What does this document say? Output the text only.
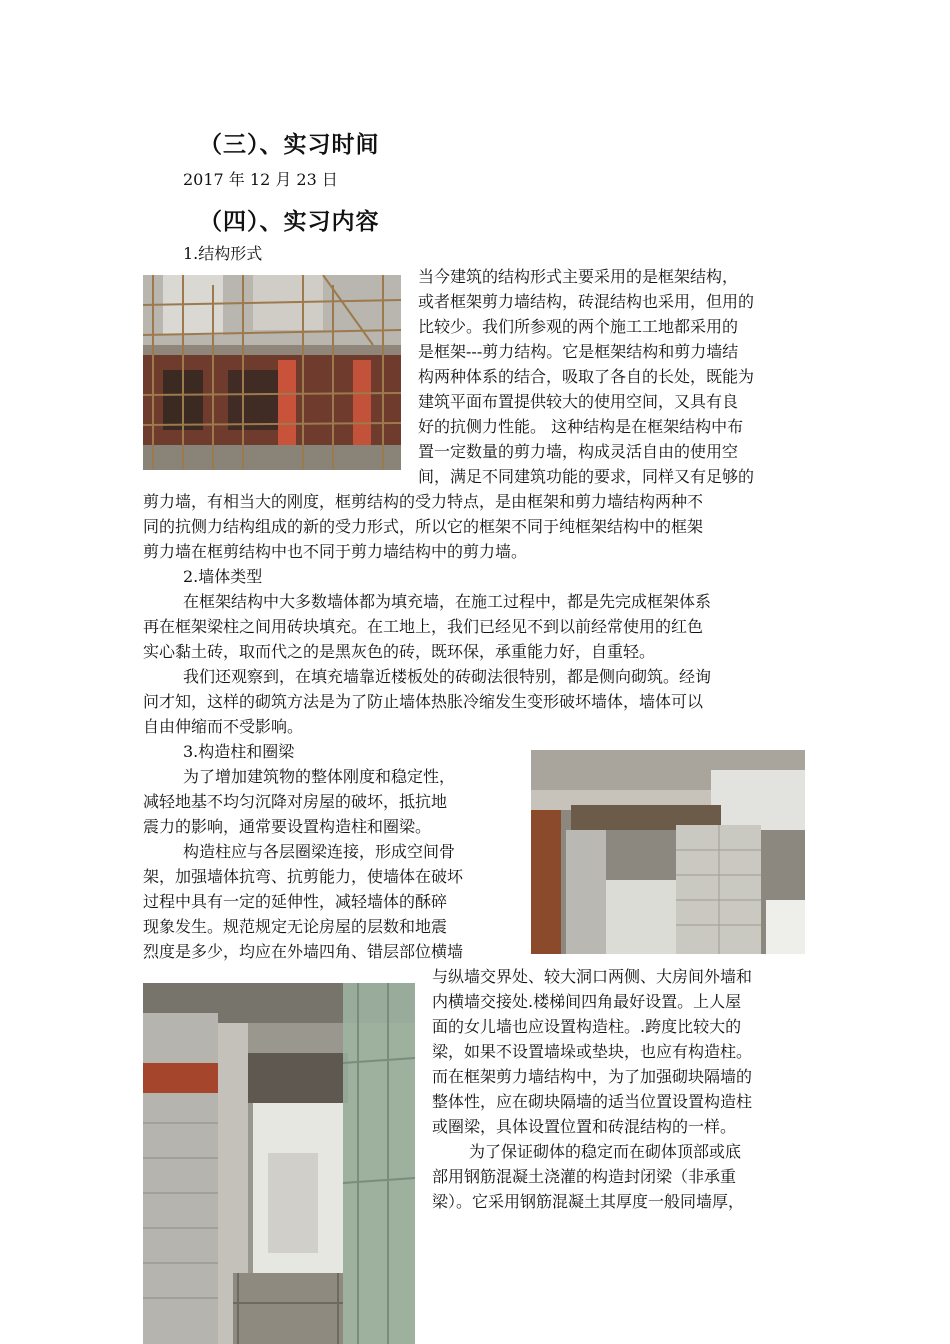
（三）、实习时间
2017 年 12 月 23 日
（四）、实习内容
1.结构形式

当今建筑的结构形式主要采用的是框架结构，

或者框架剪力墙结构，砖混结构也采用，但用的

比较少。我们所参观的两个施工工地都采用的

是框架---剪力结构。它是框架结构和剪力墙结

构两种体系的结合，吸取了各自的长处，既能为

建筑平面布置提供较大的使用空间，又具有良

好的抗侧力性能。 这种结构是在框架结构中布

置一定数量的剪力墙，构成灵活自由的使用空

间，满足不同建筑功能的要求，同样又有足够的

剪力墙，有相当大的刚度，框剪结构的受力特点，是由框架和剪力墙结构两种不

同的抗侧力结构组成的新的受力形式，所以它的框架不同于纯框架结构中的框架

剪力墙在框剪结构中也不同于剪力墙结构中的剪力墙。

2.墙体类型

在框架结构中大多数墙体都为填充墙，在施工过程中，都是先完成框架体系

再在框架梁柱之间用砖块填充。在工地上，我们已经见不到以前经常使用的红色

实心黏土砖，取而代之的是黑灰色的砖，既环保，承重能力好，自重轻。

我们还观察到，在填充墙靠近楼板处的砖砌法很特别，都是侧向砌筑。经询

问才知，这样的砌筑方法是为了防止墙体热胀冷缩发生变形破坏墙体，墙体可以

自由伸缩而不受影响。

3.构造柱和圈梁

为了增加建筑物的整体刚度和稳定性，

减轻地基不均匀沉降对房屋的破坏，抵抗地

震力的影响，通常要设置构造柱和圈梁。

构造柱应与各层圈梁连接，形成空间骨

架，加强墙体抗弯、抗剪能力，使墙体在破坏

过程中具有一定的延伸性，减轻墙体的酥碎

现象发生。规范规定无论房屋的层数和地震

烈度是多少，均应在外墙四角、错层部位横墙

与纵墙交界处、较大洞口两侧、大房间外墙和

内横墙交接处.楼梯间四角最好设置。上人屋

面的女儿墙也应设置构造柱。.跨度比较大的

梁，如果不设置墙垛或垫块，也应有构造柱。

而在框架剪力墙结构中，为了加强砌块隔墙的

整体性，应在砌块隔墙的适当位置设置构造柱

或圈梁，具体设置位置和砖混结构的一样。

为了保证砌体的稳定而在砌体顶部或底

部用钢筋混凝土浇灌的构造封闭梁（非承重

梁）。它采用钢筋混凝土其厚度一般同墙厚，
